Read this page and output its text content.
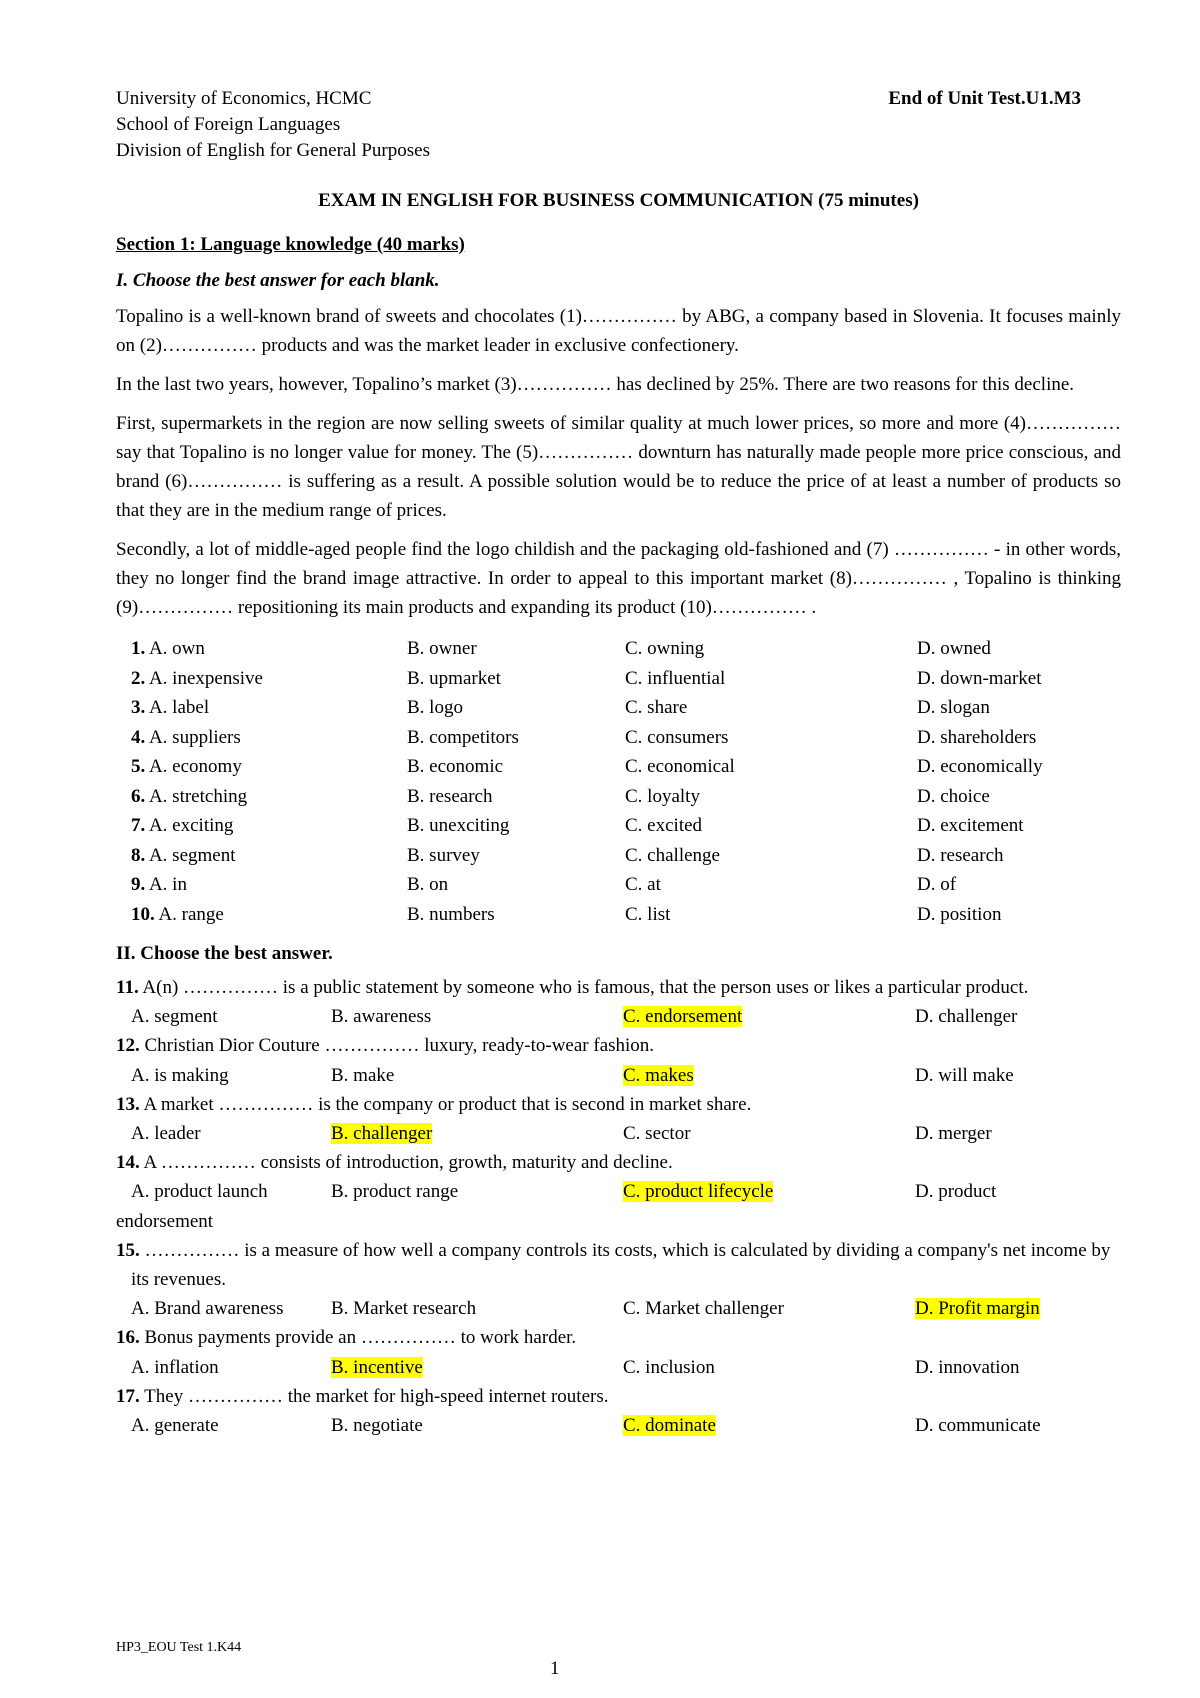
University of Economics, HCMC
School of Foreign Languages
Division of English for General Purposes
End of Unit Test.U1.M3
EXAM IN ENGLISH FOR BUSINESS COMMUNICATION (75 minutes)
Section 1: Language knowledge (40 marks)
I. Choose the best answer for each blank.

Topalino is a well-known brand of sweets and chocolates (1)…………… by ABG, a company based in Slovenia. It focuses mainly on (2)…………… products and was the market leader in exclusive confectionery.

In the last two years, however, Topalino’s market (3)…………… has declined by 25%. There are two reasons for this decline.

First, supermarkets in the region are now selling sweets of similar quality at much lower prices, so more and more (4)…………… say that Topalino is no longer value for money. The (5)…………… downturn has naturally made people more price conscious, and brand (6)…………… is suffering as a result. A possible solution would be to reduce the price of at least a number of products so that they are in the medium range of prices.

Secondly, a lot of middle-aged people find the logo childish and the packaging old-fashioned and (7) …………… - in other words, they no longer find the brand image attractive. In order to appeal to this important market (8)…………… , Topalino is thinking (9)…………… repositioning its main products and expanding its product (10)…………… .

1. A. own	B. owner	C. owning	D. owned
2. A. inexpensive	B. upmarket	C. influential	D. down-market
3. A. label	B. logo	C. share	D. slogan
4. A. suppliers	B. competitors	C. consumers	D. shareholders
5. A. economy	B. economic	C. economical	D. economically
6. A. stretching	B. research	C. loyalty	D. choice
7. A. exciting	B. unexciting	C. excited	D. excitement
8. A. segment	B. survey	C. challenge	D. research
9. A. in	B. on	C. at	D. of
10. A. range	B. numbers	C. list	D. position
II. Choose the best answer.
11. A(n) …………… is a public statement by someone who is famous, that the person uses or likes a particular product.
A. segment	B. awareness	C. endorsement	D. challenger
12. Christian Dior Couture …………… luxury, ready-to-wear fashion.
A. is making	B. make	C. makes	D. will make
13. A market …………… is the company or product that is second in market share.
A. leader	B. challenger	C. sector	D. merger
14. A …………… consists of introduction, growth, maturity and decline.
A. product launch	B. product range	C. product lifecycle	D. product
endorsement
15. …………… is a measure of how well a company controls its costs, which is calculated by dividing a company's net income by its revenues.
A. Brand awareness	B. Market research	C. Market challenger	D. Profit margin
16. Bonus payments provide an …………… to work harder.
A. inflation	B. incentive	C. inclusion	D. innovation
17. They …………… the market for high-speed internet routers.
A. generate	B. negotiate	C. dominate	D. communicate
HP3_EOU Test 1.K44
1
